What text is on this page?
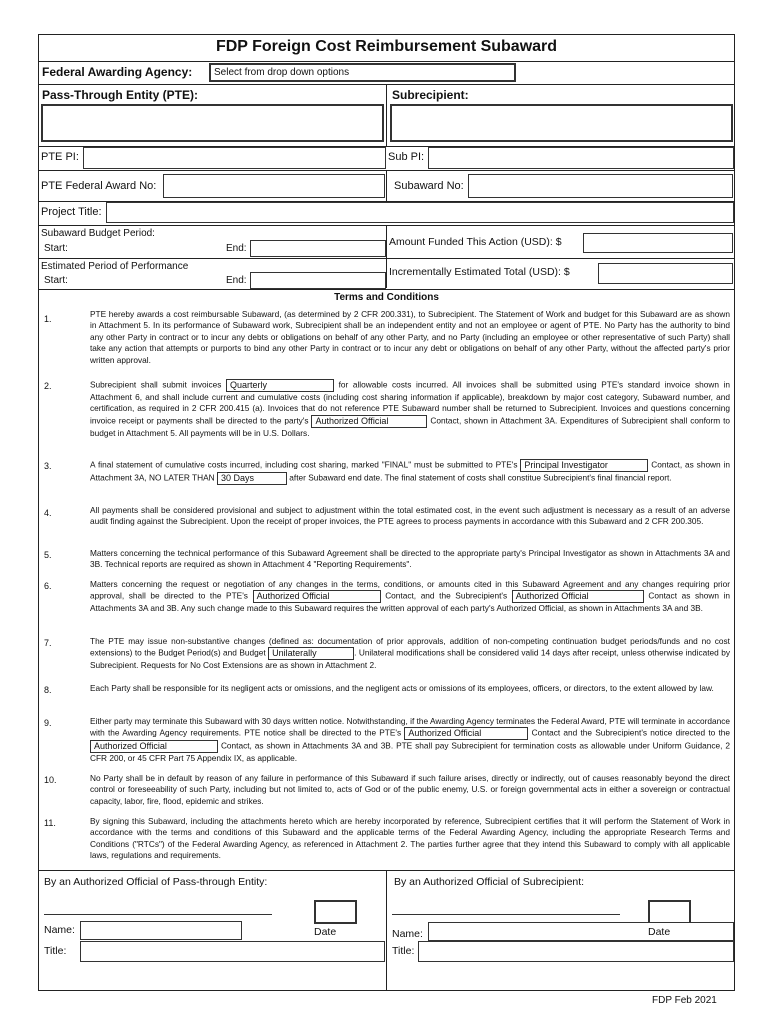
FDP Foreign Cost Reimbursement Subaward
Federal Awarding Agency:	Select from drop down options
Pass-Through Entity (PTE):	Subrecipient:
PTE PI:	Sub PI:
PTE Federal Award No:	Subaward No:
Project Title:
Subaward Budget Period:
Start:	End:
Amount Funded This Action (USD): $
Estimated Period of Performance
Start:	End:
Incrementally Estimated Total (USD): $
Terms and Conditions
1.	PTE hereby awards a cost reimbursable Subaward, (as determined by 2 CFR 200.331), to Subrecipient. The Statement of Work and budget for this Subaward are as shown in Attachment 5. In its performance of Subaward work, Subrecipient shall be an independent entity and not an employee or agent of PTE. No Party has the authority to bind any other Party in contract or to incur any debts or obligations on behalf of any other Party, and no Party (including an employee or other representative of such Party) shall take any action that attempts or purports to bind any other Party in contract or to incur any debt or obligations on behalf of any other Party, without the affected party's prior written approval.
2.	Subrecipient shall submit invoices Quarterly	for allowable costs incurred. All invoices shall be submitted using PTE's standard invoice shown in Attachment 6, and shall include current and cumulative costs (including cost sharing information if applicable), breakdown by major cost category, Subaward number, and certification, as required in 2 CFR 200.415 (a). Invoices that do not reference PTE Subaward number shall be returned to Subrecipient. Invoices and questions concerning invoice receipt or payments shall be directed to the party's Authorized Official	Contact, shown in Attachment 3A. Expenditures of Subrecipient shall conform to budget in Attachment 5. All payments will be in U.S. Dollars.
3.	A final statement of cumulative costs incurred, including cost sharing, marked "FINAL" must be submitted to PTE's Principal Investigator	Contact, as shown in Attachment 3A, NO LATER THAN 30 Days	after Subaward end date. The final statement of costs shall constitue Subrecipient's final financial report.
4.	All payments shall be considered provisional and subject to adjustment within the total estimated cost, in the event such adjustment is necessary as a result of an adverse audit finding against the Subrecipient. Upon the receipt of proper invoices, the PTE agrees to process payments in accordance with this Subaward and 2 CFR 200.305.
5.	Matters concerning the technical performance of this Subaward Agreement shall be directed to the appropriate party's Principal Investigator as shown in Attachments 3A and 3B. Technical reports are required as shown in Attachment 4 "Reporting Requirements".
6.	Matters concerning the request or negotiation of any changes in the terms, conditions, or amounts cited in this Subaward Agreement and any changes requiring prior approval, shall be directed to the PTE's Authorized Official	Contact, and the Subrecipient's Authorized Official	Contact as shown in Attachments 3A and 3B. Any such change made to this Subaward requires the written approval of each party's Authorized Official, as shown in Attachments 3A and 3B.
7.	The PTE may issue non-substantive changes (defined as: documentation of prior approvals, addition of non-competing continuation budget periods/funds and no cost extensions) to the Budget Period(s) and Budget Unilaterally	. Unilateral modifications shall be considered valid 14 days after receipt, unless otherwise indicated by Subrecipient. Requests for No Cost Extensions are as shown in Attachment 2.
8.	Each Party shall be responsible for its negligent acts or omissions, and the negligent acts or omissions of its employees, officers, or directors, to the extent allowed by law.
9.	Either party may terminate this Subaward with 30 days written notice. Notwithstanding, if the Awarding Agency terminates the Federal Award, PTE will terminate in accordance with the Awarding Agency requirements. PTE notice shall be directed to the PTE's Authorized Official	Contact and the Subrecipient's notice directed to the Authorized Official	Contact, as shown in Attachments 3A and 3B. PTE shall pay Subrecipient for termination costs as allowable under Uniform Guidance, 2 CFR 200, or 45 CFR Part 75 Appendix IX, as applicable.
10.	No Party shall be in default by reason of any failure in performance of this Subaward if such failure arises, directly or indirectly, out of causes reasonably beyond the direct control or foreseeability of such Party, including but not limited to, acts of God or of the public enemy, U.S. or foreign governmental acts in either a sovereign or contractual capacity, labor, fire, flood, epidemic and strikes.
11.	By signing this Subaward, including the attachments hereto which are hereby incorporated by reference, Subrecipient certifies that it will perform the Statement of Work in accordance with the terms and conditions of this Subaward and the applicable terms of the Federal Awarding Agency, including the appropriate Research Terms and Conditions ("RTCs") of the Federal Awarding Agency, as referenced in Attachment 2. The parties further agree that they intend this Subaward to comply with all applicable laws, regulations and requirements.
By an Authorized Official of Pass-through Entity:	By an Authorized Official of Subrecipient:
Name:	Date
Title:
Name:	Date
Title:
FDP Feb 2021
